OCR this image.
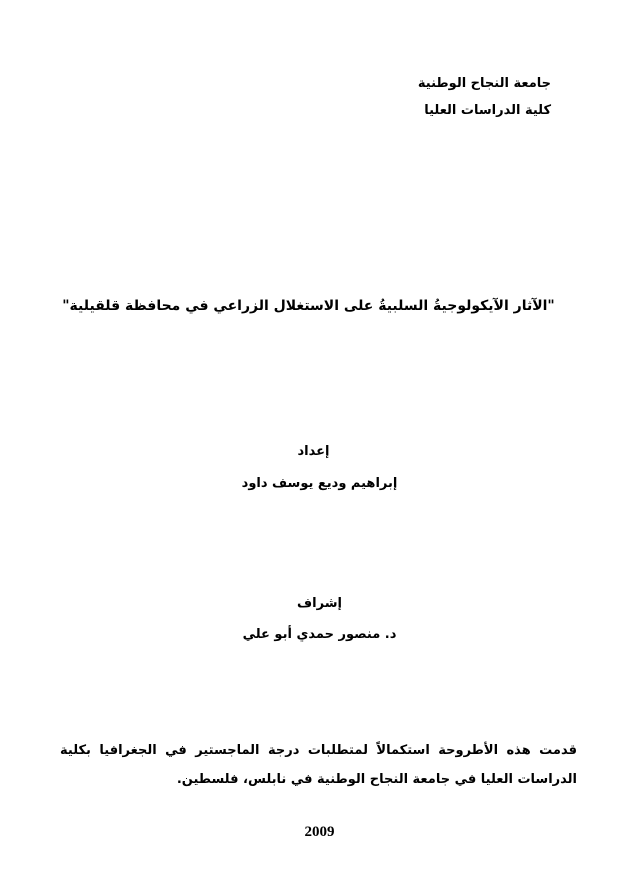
جامعة النجاح الوطنية

كلية الدراسات العليا

"الآثار الآيكولوجيةُ السلبيةُ على الاستغلال الزراعي في محافظة قلقيلية"

إعداد

إبراهيم وديع يوسف داود

إشراف

د. منصور حمدي أبو علي

قدمت هذه الأطروحة استكمالاً لمتطلبات درجة الماجستير في الجغرافيا بكلية الدراسات العليا في جامعة النجاح الوطنية في نابلس، فلسطين.

2009
